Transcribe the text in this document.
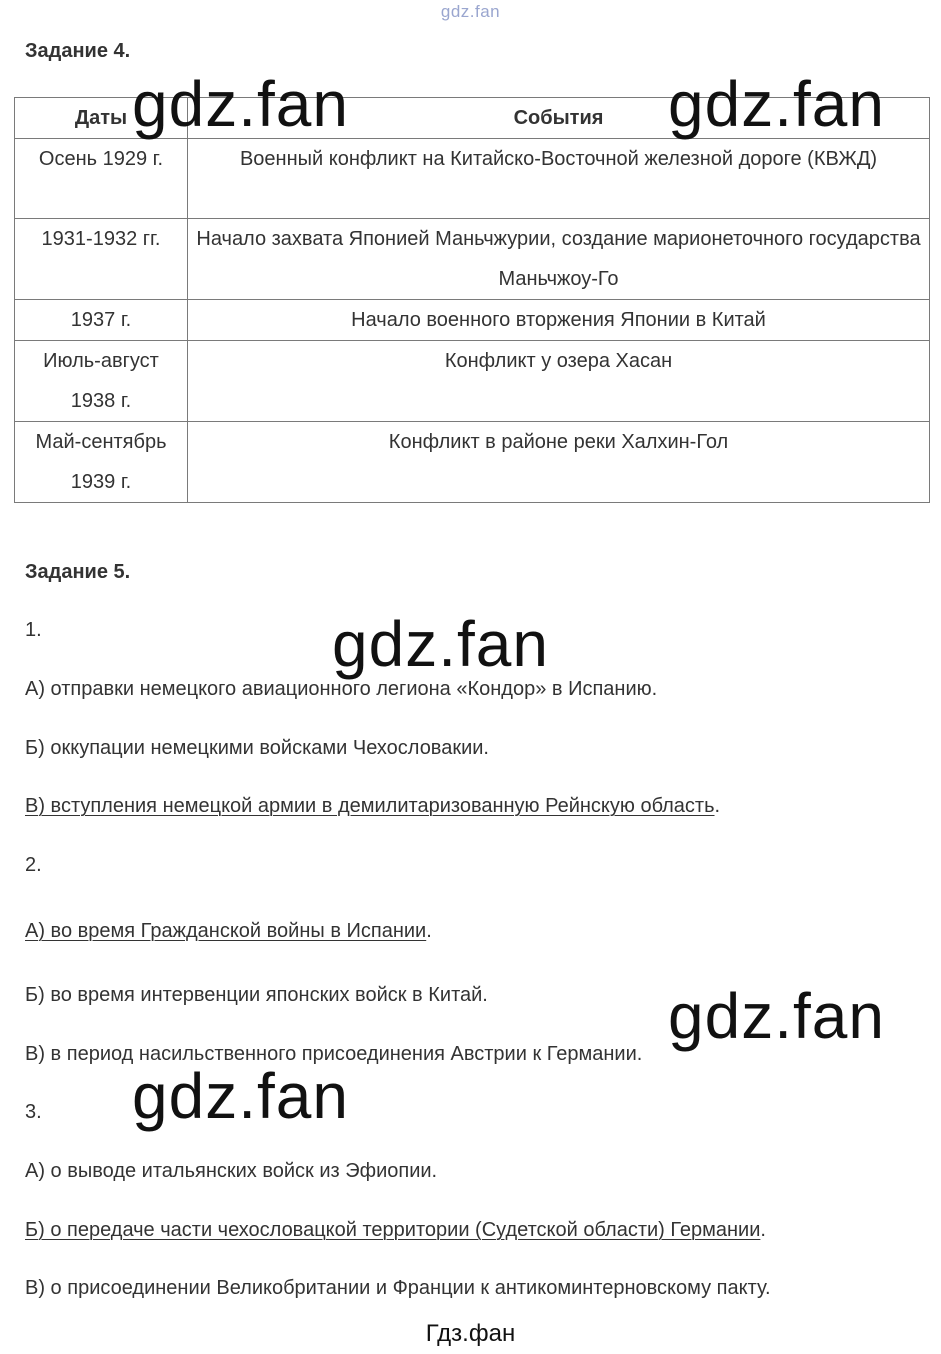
gdz.fan
Задание 4.
Даты	События
Осень 1929 г.	Военный конфликт на Китайско-Восточной железной дороге (КВЖД)
1931-1932 гг.	Начало захвата Японией Маньчжурии, создание марионеточного государства Маньчжоу-Го
1937 г.	Начало военного вторжения Японии в Китай
Июль-август 1938 г.	Конфликт у озера Хасан
Май-сентябрь 1939 г.	Конфликт в районе реки Халхин-Гол
Задание 5.
1.
А) отправки немецкого авиационного легиона «Кондор» в Испанию.
Б) оккупации немецкими войсками Чехословакии.
В) вступления немецкой армии в демилитаризованную Рейнскую область.
2.
А) во время Гражданской войны в Испании.
Б) во время интервенции японских войск в Китай.
В) в период насильственного присоединения Австрии к Германии.
3.
А) о выводе итальянских войск из Эфиопии.
Б) о передаче части чехословацкой территории (Судетской области) Германии.
В) о присоединении Великобритании и Франции к антикоминтерновскому пакту.
gdz.fan	gdz.fan
gdz.fan
gdz.fan
gdz.fan
Гдз.фан
